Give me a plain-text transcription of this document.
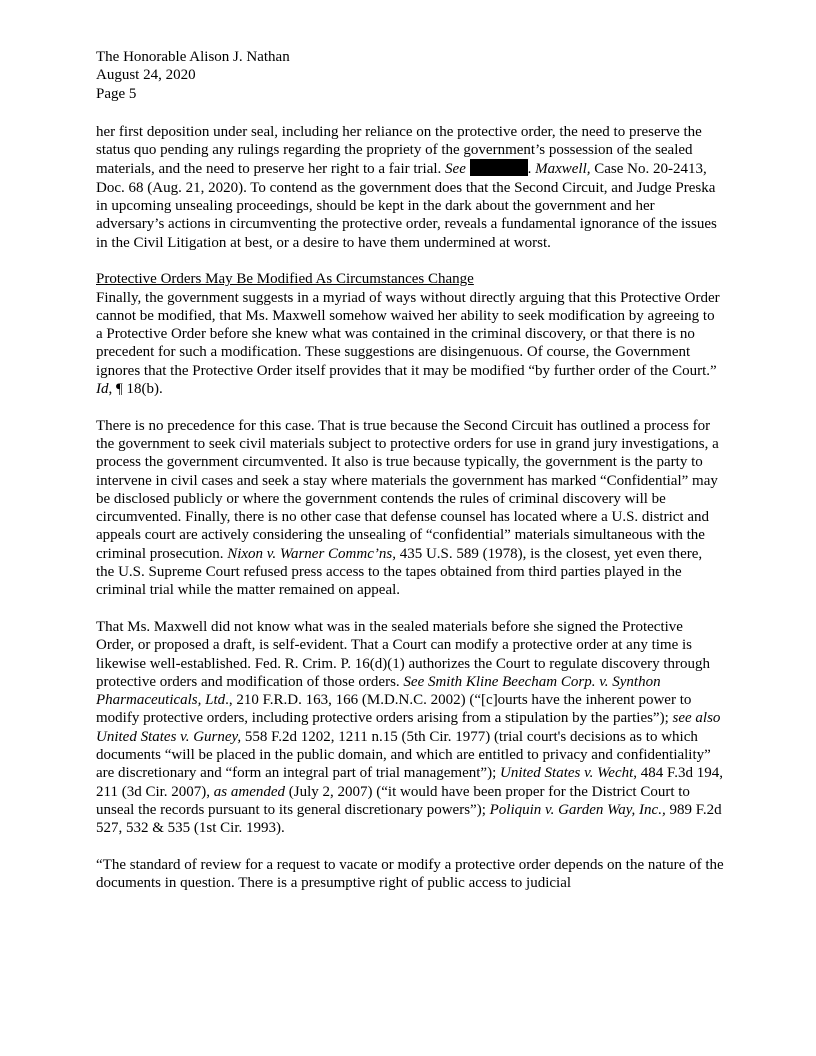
The Honorable Alison J. Nathan
August 24, 2020
Page 5

her first deposition under seal, including her reliance on the protective order, the need to preserve the status quo pending any rulings regarding the propriety of the government’s possession of the sealed materials, and the need to preserve her right to a fair trial. See	. Maxwell, Case No. 20-2413, Doc. 68 (Aug. 21, 2020). To contend as the government does that the Second Circuit, and Judge Preska in upcoming unsealing proceedings, should be kept in the dark about the government and her adversary’s actions in circumventing the protective order, reveals a fundamental ignorance of the issues in the Civil Litigation at best, or a desire to have them undermined at worst.

Protective Orders May Be Modified As Circumstances Change

Finally, the government suggests in a myriad of ways without directly arguing that this Protective Order cannot be modified, that Ms. Maxwell somehow waived her ability to seek modification by agreeing to a Protective Order before she knew what was contained in the criminal discovery, or that there is no precedent for such a modification. These suggestions are disingenuous. Of course, the Government ignores that the Protective Order itself provides that it may be modified “by further order of the Court.” Id, ¶ 18(b).

There is no precedence for this case. That is true because the Second Circuit has outlined a process for the government to seek civil materials subject to protective orders for use in grand jury investigations, a process the government circumvented. It also is true because typically, the government is the party to intervene in civil cases and seek a stay where materials the government has marked “Confidential” may be disclosed publicly or where the government contends the rules of criminal discovery will be circumvented. Finally, there is no other case that defense counsel has located where a U.S. district and appeals court are actively considering the unsealing of “confidential” materials simultaneous with the criminal prosecution. Nixon v. Warner Commc’ns, 435 U.S. 589 (1978), is the closest, yet even there, the U.S. Supreme Court refused press access to the tapes obtained from third parties played in the criminal trial while the matter remained on appeal.

That Ms. Maxwell did not know what was in the sealed materials before she signed the Protective Order, or proposed a draft, is self-evident. That a Court can modify a protective order at any time is likewise well-established. Fed. R. Crim. P. 16(d)(1) authorizes the Court to regulate discovery through protective orders and modification of those orders. See Smith Kline Beecham Corp. v. Synthon Pharmaceuticals, Ltd., 210 F.R.D. 163, 166 (M.D.N.C. 2002) (“[c]ourts have the inherent power to modify protective orders, including protective orders arising from a stipulation by the parties”); see also United States v. Gurney, 558 F.2d 1202, 1211 n.15 (5th Cir. 1977) (trial court's decisions as to which documents “will be placed in the public domain, and which are entitled to privacy and confidentiality” are discretionary and “form an integral part of trial management”); United States v. Wecht, 484 F.3d 194, 211 (3d Cir. 2007), as amended (July 2, 2007) (“it would have been proper for the District Court to unseal the records pursuant to its general discretionary powers”); Poliquin v. Garden Way, Inc., 989 F.2d 527, 532 & 535 (1st Cir. 1993).

“The standard of review for a request to vacate or modify a protective order depends on the nature of the documents in question. There is a presumptive right of public access to judicial
